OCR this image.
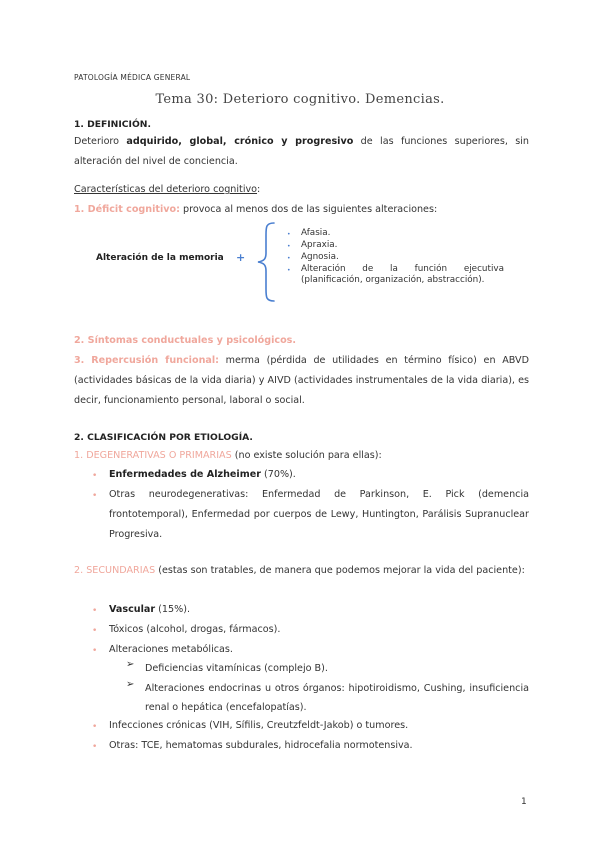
PATOLOGÍA MÉDICA GENERAL
Tema 30: Deterioro cognitivo. Demencias.
1. DEFINICIÓN.
Deterioro adquirido, global, crónico y progresivo de las funciones superiores, sin alteración del nivel de conciencia.
Características del deterioro cognitivo:
1. Déficit cognitivo: provoca al menos dos de las siguientes alteraciones:
Alteración de la memoria +
• Afasia.
• Apraxia.
• Agnosia.
• Alteración de la función ejecutiva (planificación, organización, abstracción).
2. Síntomas conductuales y psicológicos.
3. Repercusión funcional: merma (pérdida de utilidades en término físico) en ABVD (actividades básicas de la vida diaria) y AIVD (actividades instrumentales de la vida diaria), es decir, funcionamiento personal, laboral o social.
2. CLASIFICACIÓN POR ETIOLOGÍA.
1. DEGENERATIVAS O PRIMARIAS (no existe solución para ellas):
• Enfermedades de Alzheimer (70%).
• Otras neurodegenerativas: Enfermedad de Parkinson, E. Pick (demencia frontotemporal), Enfermedad por cuerpos de Lewy, Huntington, Parálisis Supranuclear Progresiva.
2. SECUNDARIAS (estas son tratables, de manera que podemos mejorar la vida del paciente):
• Vascular (15%).
• Tóxicos (alcohol, drogas, fármacos).
• Alteraciones metabólicas.
➢ Deficiencias vitamínicas (complejo B).
➢ Alteraciones endocrinas u otros órganos: hipotiroidismo, Cushing, insuficiencia renal o hepática (encefalopatías).
• Infecciones crónicas (VIH, Sífilis, Creutzfeldt-Jakob) o tumores.
• Otras: TCE, hematomas subdurales, hidrocefalia normotensiva.
1
